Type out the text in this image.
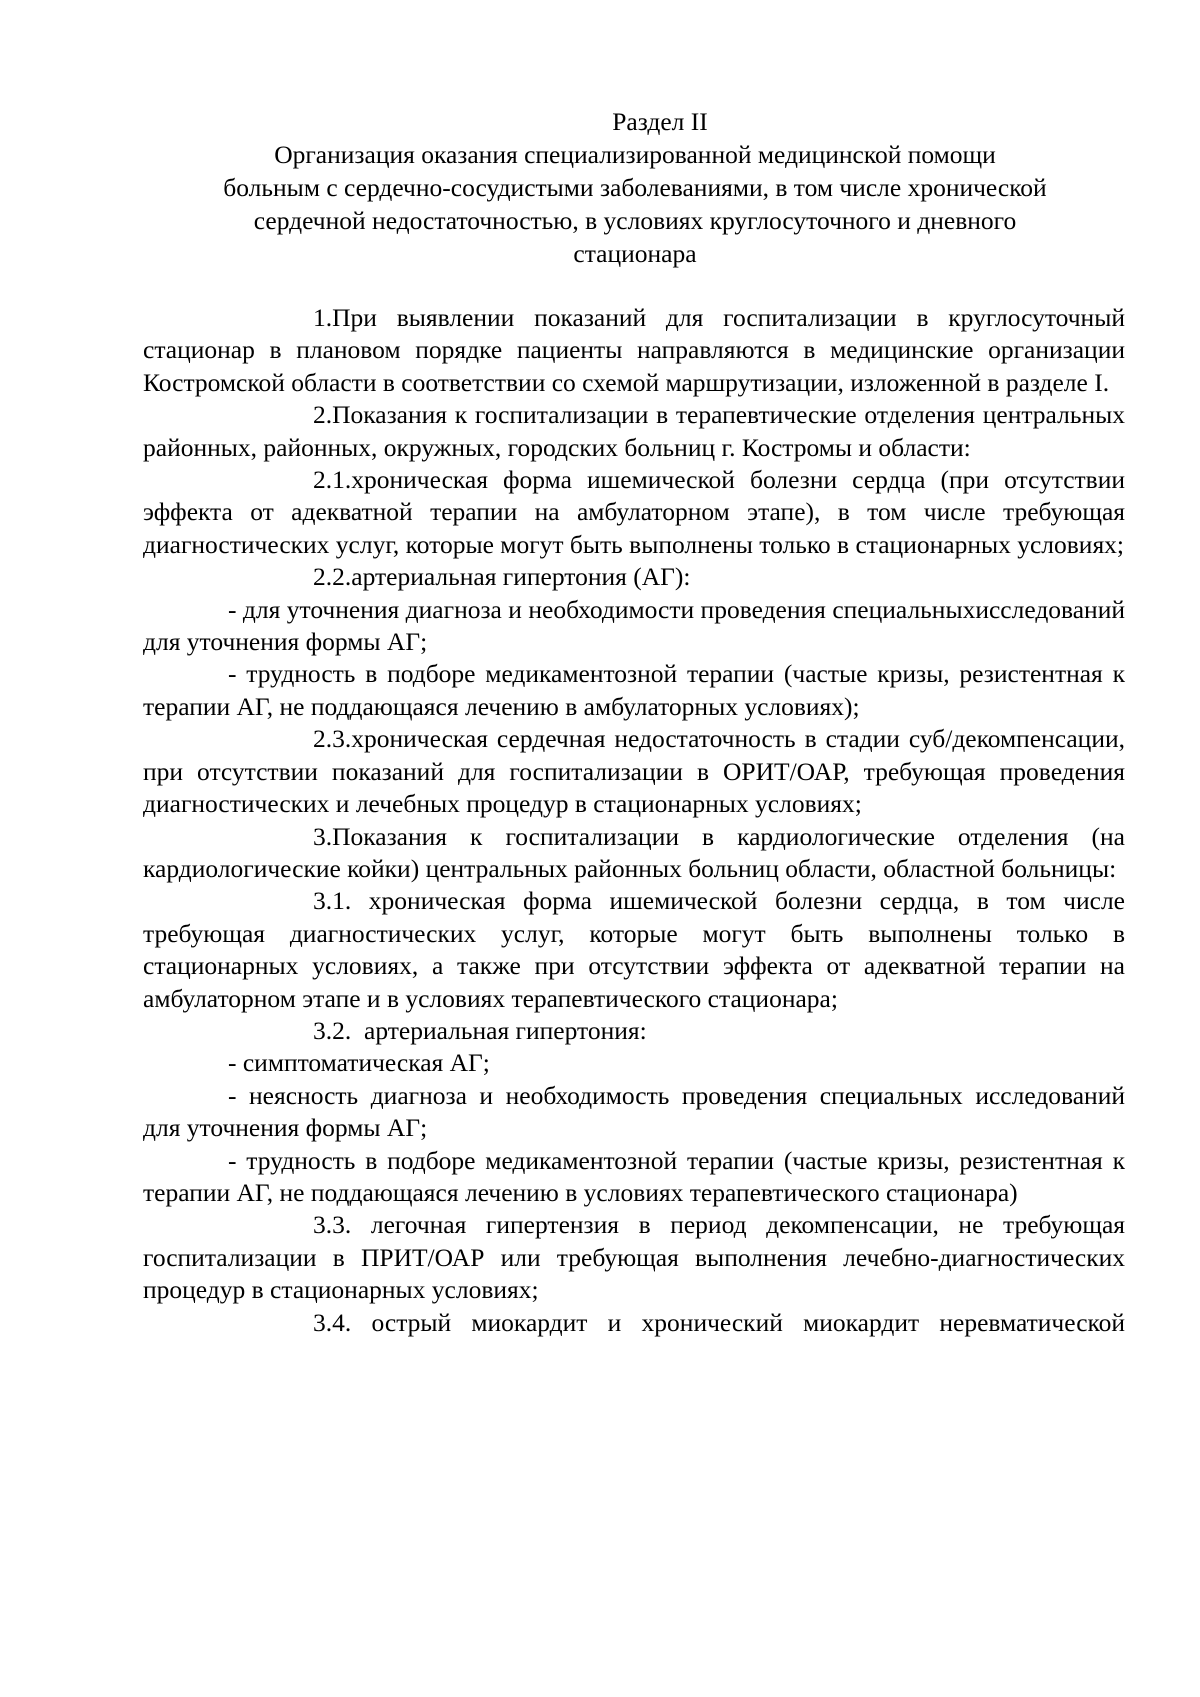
Раздел II
Организация оказания специализированной медицинской помощи
больным с сердечно-сосудистыми заболеваниями, в том числе хронической
сердечной недостаточностью, в условиях круглосуточного и дневного
стационара

1.При выявлении показаний для госпитализации в круглосуточный стационар в плановом порядке пациенты направляются в медицинские организации Костромской области в соответствии со схемой маршрутизации, изложенной в разделе I.

2.Показания к госпитализации в терапевтические отделения центральных районных, районных, окружных, городских больниц г. Костромы и области:

2.1.хроническая форма ишемической болезни сердца (при отсутствии эффекта от адекватной терапии на амбулаторном этапе), в том числе требующая диагностических услуг, которые могут быть выполнены только в стационарных условиях;

2.2.артериальная гипертония (АГ):

- для уточнения диагноза и необходимости проведения специальныхисследований для уточнения формы АГ;

- трудность в подборе медикаментозной терапии (частые кризы, резистентная к терапии АГ, не поддающаяся лечению в амбулаторных условиях);

2.3.хроническая сердечная недостаточность в стадии суб/декомпенсации, при отсутствии показаний для госпитализации в ОРИТ/ОАР, требующая проведения диагностических и лечебных процедур в стационарных условиях;

3.Показания к госпитализации в кардиологические отделения (на кардиологические койки) центральных районных больниц области, областной больницы:

3.1. хроническая форма ишемической болезни сердца, в том числе требующая диагностических услуг, которые могут быть выполнены только в стационарных условиях, а также при отсутствии эффекта от адекватной терапии на амбулаторном этапе и в условиях терапевтического стационара;

3.2. артериальная гипертония:

- симптоматическая АГ;

- неясность диагноза и необходимость проведения специальных исследований для уточнения формы АГ;

- трудность в подборе медикаментозной терапии (частые кризы, резистентная к терапии АГ, не поддающаяся лечению в условиях терапевтического стационара)

3.3. легочная гипертензия в период декомпенсации, не требующая госпитализации в ПРИТ/ОАР или требующая выполнения лечебно-диагностических процедур в стационарных условиях;

3.4. острый миокардит и хронический миокардит неревматической
